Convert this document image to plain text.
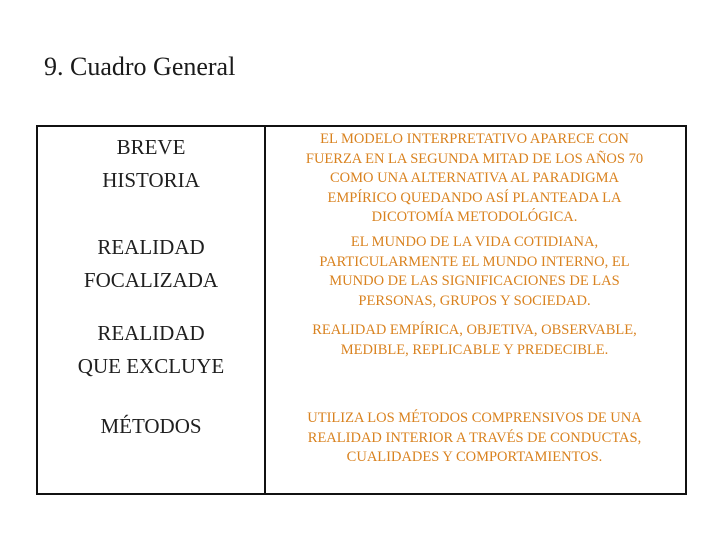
9. Cuadro General
BREVE
HISTORIA
EL MODELO INTERPRETATIVO APARECE CON
FUERZA EN LA SEGUNDA MITAD DE LOS AÑOS 70
COMO UNA ALTERNATIVA AL PARADIGMA
EMPÍRICO QUEDANDO ASÍ PLANTEADA LA
DICOTOMÍA METODOLÓGICA.
REALIDAD
FOCALIZADA
EL MUNDO DE LA VIDA COTIDIANA,
PARTICULARMENTE EL MUNDO INTERNO, EL
MUNDO DE LAS SIGNIFICACIONES DE LAS
PERSONAS, GRUPOS Y SOCIEDAD.
REALIDAD
QUE EXCLUYE
REALIDAD EMPÍRICA, OBJETIVA, OBSERVABLE,
MEDIBLE, REPLICABLE Y PREDECIBLE.
MÉTODOS	UTILIZA LOS MÉTODOS COMPRENSIVOS DE UNA
REALIDAD INTERIOR A TRAVÉS DE CONDUCTAS,
CUALIDADES Y COMPORTAMIENTOS.
